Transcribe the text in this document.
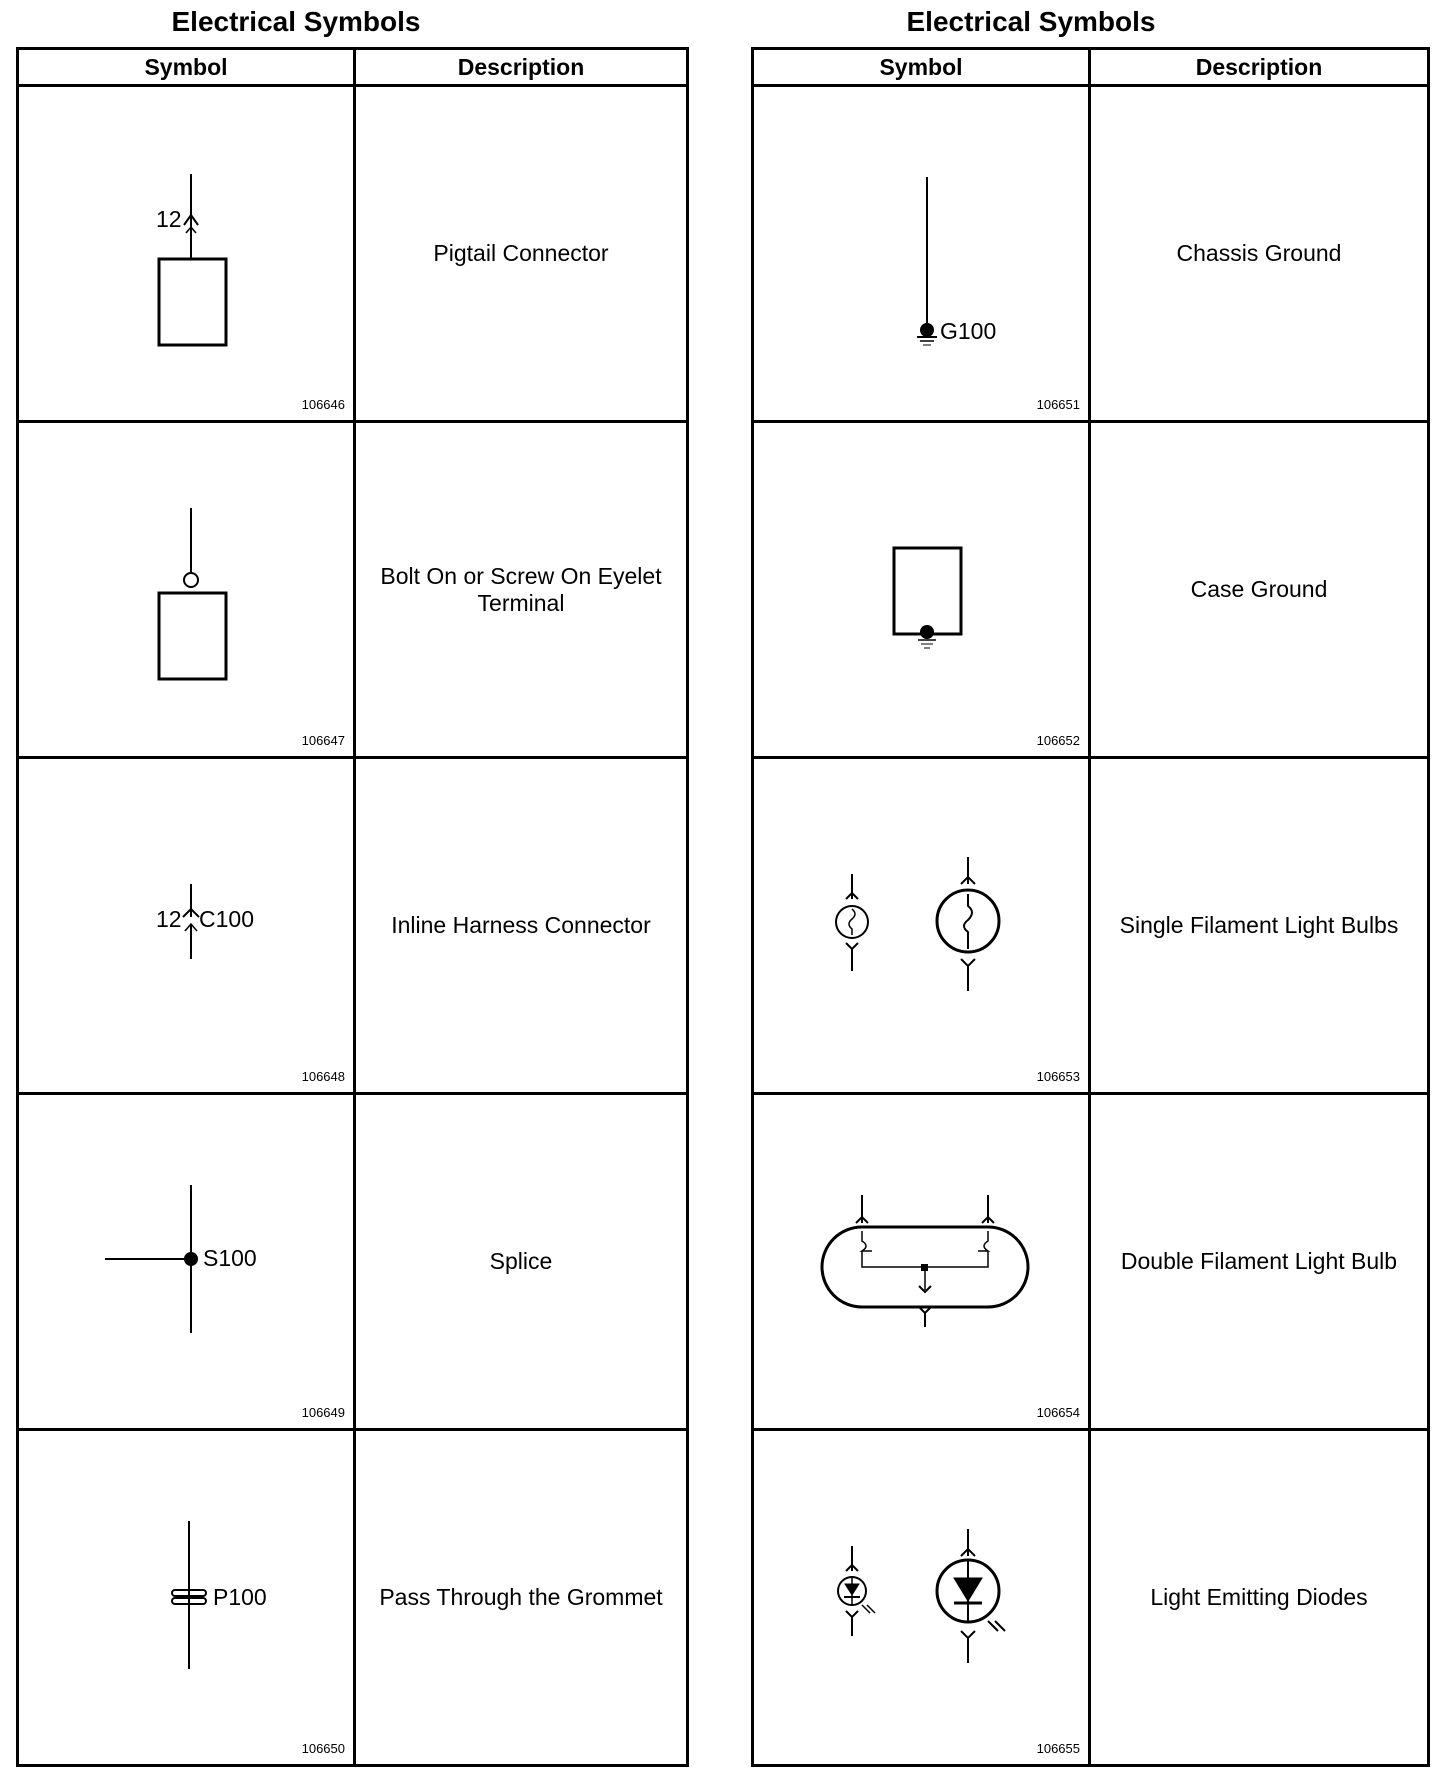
Electrical Symbols	Electrical Symbols
Symbol	Description

12
106646	Pigtail Connector

106647	Bolt On or Screw On Eyelet Terminal

12 C100
106648	Inline Harness Connector

S100
106649	Splice

P100
106650	Pass Through the Grommet
Symbol	Description

G100
106651	Chassis Ground

106652	Case Ground

106653	Single Filament Light Bulbs

106654	Double Filament Light Bulb

106655	Light Emitting Diodes
